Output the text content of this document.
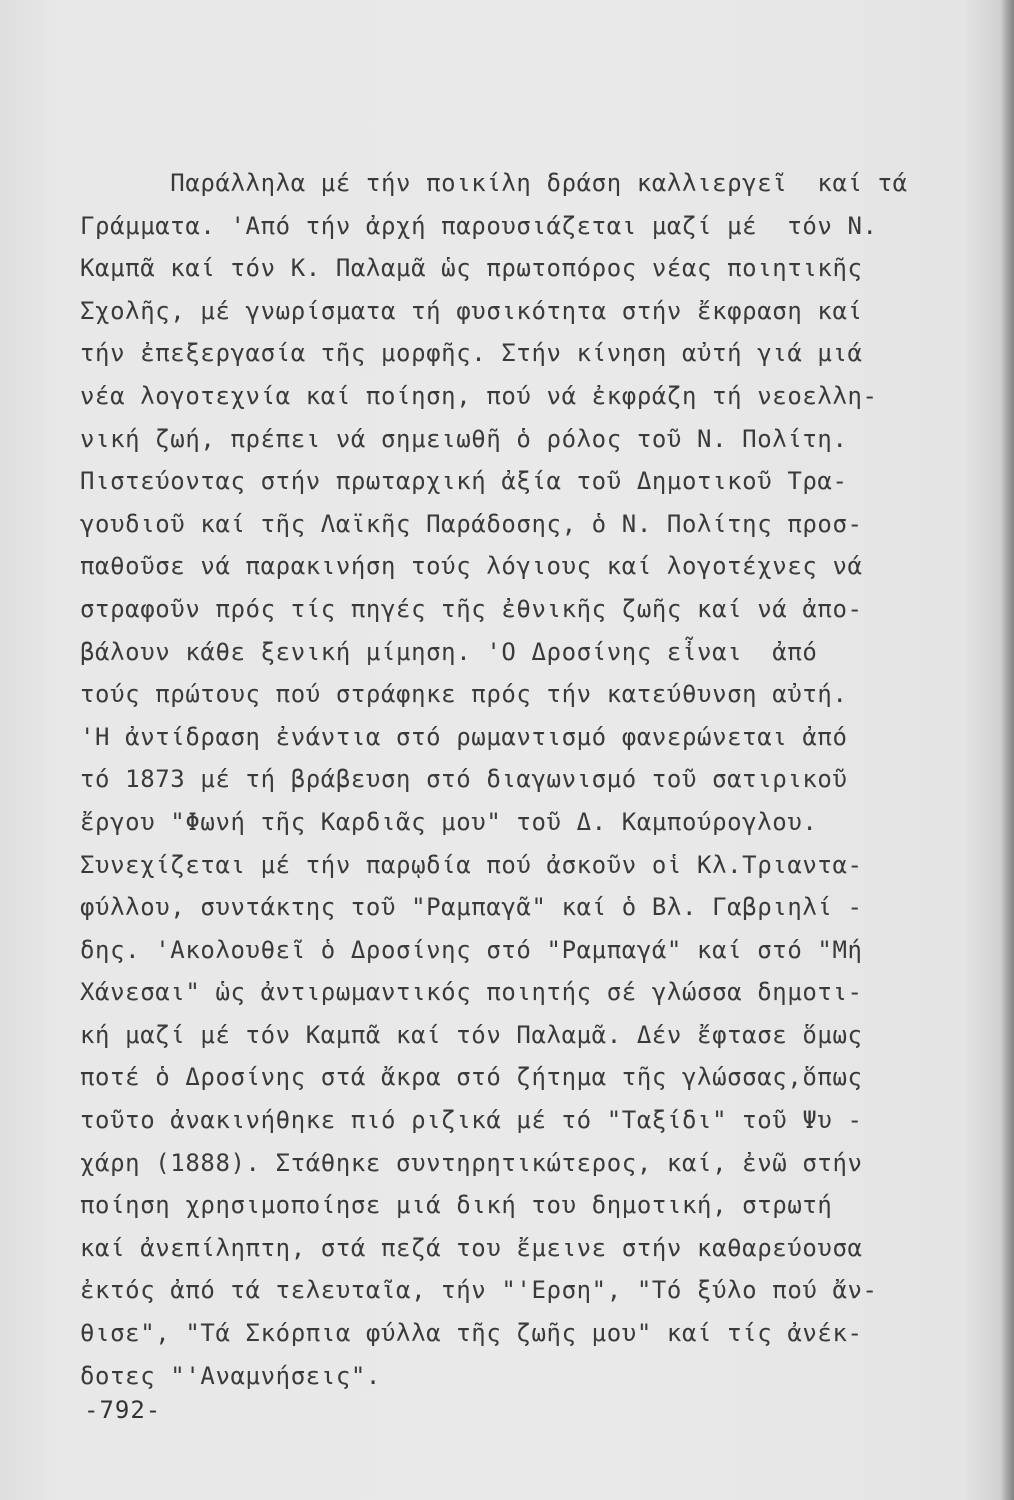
Παράλληλα μέ τήν ποικίλη δράση καλλιεργεῖ  καί τά
Γράμματα. 'Από τήν ἀρχή παρουσιάζεται μαζί μέ  τόν Ν.
Καμπᾶ καί τόν Κ. Παλαμᾶ ὡς πρωτοπόρος νέας ποιητικῆς
Σχολῆς, μέ γνωρίσματα τή φυσικότητα στήν ἔκφραση καί
τήν ἐπεξεργασία τῆς μορφῆς. Στήν κίνηση αὐτή γιά μιά
νέα λογοτεχνία καί ποίηση, πού νά ἐκφράζη τή νεοελλη-
νική ζωή, πρέπει νά σημειωθῆ ὁ ρόλος τοῦ Ν. Πολίτη.
Πιστεύοντας στήν πρωταρχική ἀξία τοῦ Δημοτικοῦ Τρα-
γουδιοῦ καί τῆς Λαϊκῆς Παράδοσης, ὁ Ν. Πολίτης προσ-
παθοῦσε νά παρακινήση τούς λόγιους καί λογοτέχνες νά
στραφοῦν πρός τίς πηγές τῆς ἐθνικῆς ζωῆς καί νά ἀπο-
βάλουν κάθε ξενική μίμηση. 'Ο Δροσίνης εἶναι  ἀπό
τούς πρώτους πού στράφηκε πρός τήν κατεύθυνση αὐτή.
'Η ἀντίδραση ἐνάντια στό ρωμαντισμό φανερώνεται ἀπό
τό 1873 μέ τή βράβευση στό διαγωνισμό τοῦ σατιρικοῦ
ἔργου "Φωνή τῆς Καρδιᾶς μου" τοῦ Δ. Καμπούρογλου.
Συνεχίζεται μέ τήν παρῳδία πού ἀσκοῦν οἱ Κλ.Τριαντα-
φύλλου, συντάκτης τοῦ "Ραμπαγᾶ" καί ὁ Βλ. Γαβριηλί -
δης. 'Ακολουθεῖ ὁ Δροσίνης στό "Ραμπαγά" καί στό "Μή
Χάνεσαι" ὡς ἀντιρωμαντικός ποιητής σέ γλώσσα δημοτι-
κή μαζί μέ τόν Καμπᾶ καί τόν Παλαμᾶ. Δέν ἔφτασε ὅμως
ποτέ ὁ Δροσίνης στά ἄκρα στό ζήτημα τῆς γλώσσας,ὅπως
τοῦτο ἀνακινήθηκε πιό ριζικά μέ τό "Ταξίδι" τοῦ Ψυ -
χάρη (1888). Στάθηκε συντηρητικώτερος, καί, ἐνῶ στήν
ποίηση χρησιμοποίησε μιά δική του δημοτική, στρωτή
καί ἀνεπίληπτη, στά πεζά του ἔμεινε στήν καθαρεύουσα
ἐκτός ἀπό τά τελευταῖα, τήν "'Ερση", "Τό ξύλο πού ἄν-
θισε", "Τά Σκόρπια φύλλα τῆς ζωῆς μου" καί τίς ἀνέκ-
δοτες "'Αναμνήσεις".
-792-
